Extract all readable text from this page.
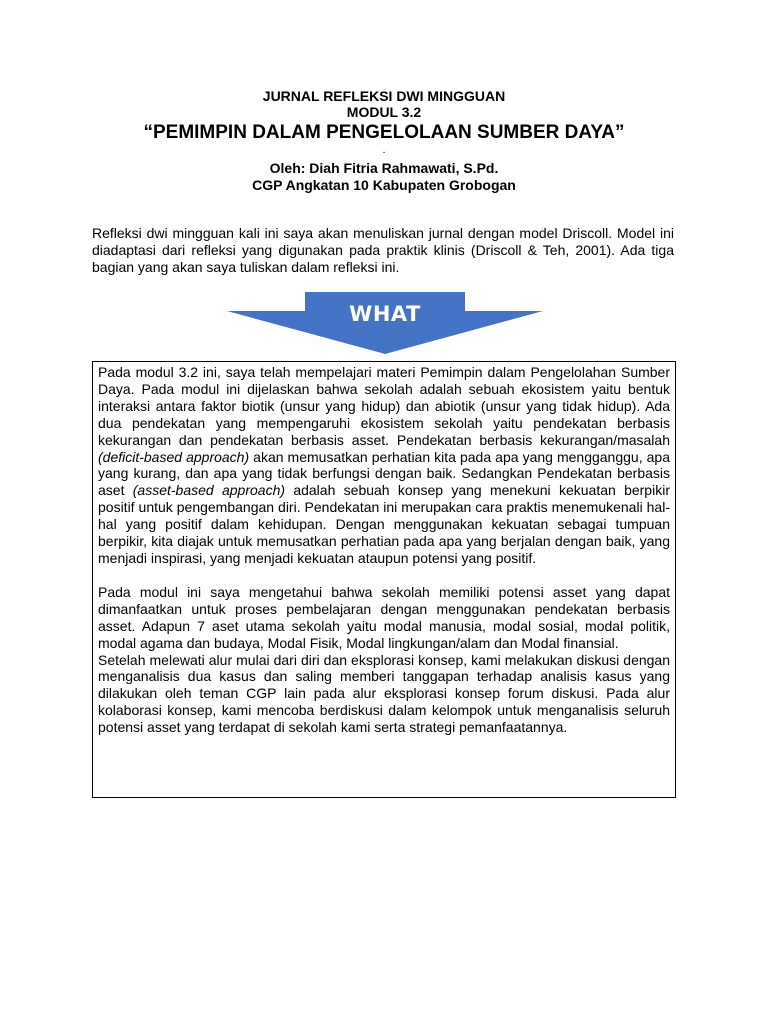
JURNAL REFLEKSI DWI MINGGUAN
MODUL 3.2
“PEMIMPIN DALAM PENGELOLAAN SUMBER DAYA”
.
Oleh: Diah Fitria Rahmawati, S.Pd.
CGP Angkatan 10 Kabupaten Grobogan
Refleksi dwi mingguan kali ini saya akan menuliskan jurnal dengan model Driscoll. Model ini diadaptasi dari refleksi yang digunakan pada praktik klinis (Driscoll & Teh, 2001). Ada tiga bagian yang akan saya tuliskan dalam refleksi ini.
WHAT

Pada modul 3.2 ini, saya telah mempelajari materi Pemimpin dalam Pengelolahan Sumber Daya. Pada modul ini dijelaskan bahwa sekolah adalah sebuah ekosistem yaitu bentuk interaksi antara faktor biotik (unsur yang hidup) dan abiotik (unsur yang tidak hidup). Ada dua pendekatan yang mempengaruhi ekosistem sekolah yaitu pendekatan berbasis kekurangan dan pendekatan berbasis asset. Pendekatan berbasis kekurangan/masalah (deficit-based approach) akan memusatkan perhatian kita pada apa yang mengganggu, apa yang kurang, dan apa yang tidak berfungsi dengan baik. Sedangkan Pendekatan berbasis aset (asset-based approach) adalah sebuah konsep yang menekuni kekuatan berpikir positif untuk pengembangan diri. Pendekatan ini merupakan cara praktis menemukenali hal-hal yang positif dalam kehidupan. Dengan menggunakan kekuatan sebagai tumpuan berpikir, kita diajak untuk memusatkan perhatian pada apa yang berjalan dengan baik, yang menjadi inspirasi, yang menjadi kekuatan ataupun potensi yang positif.

Pada modul ini saya mengetahui bahwa sekolah memiliki potensi asset yang dapat dimanfaatkan untuk proses pembelajaran dengan menggunakan pendekatan berbasis asset. Adapun 7 aset utama sekolah yaitu modal manusia, modal sosial, modal politik, modal agama dan budaya, Modal Fisik, Modal lingkungan/alam dan Modal finansial.

Setelah melewati alur mulai dari diri dan eksplorasi konsep, kami melakukan diskusi dengan menganalisis dua kasus dan saling memberi tanggapan terhadap analisis kasus yang dilakukan oleh teman CGP lain pada alur eksplorasi konsep forum diskusi. Pada alur kolaborasi konsep, kami mencoba berdiskusi dalam kelompok untuk menganalisis seluruh potensi asset yang terdapat di sekolah kami serta strategi pemanfaatannya.
